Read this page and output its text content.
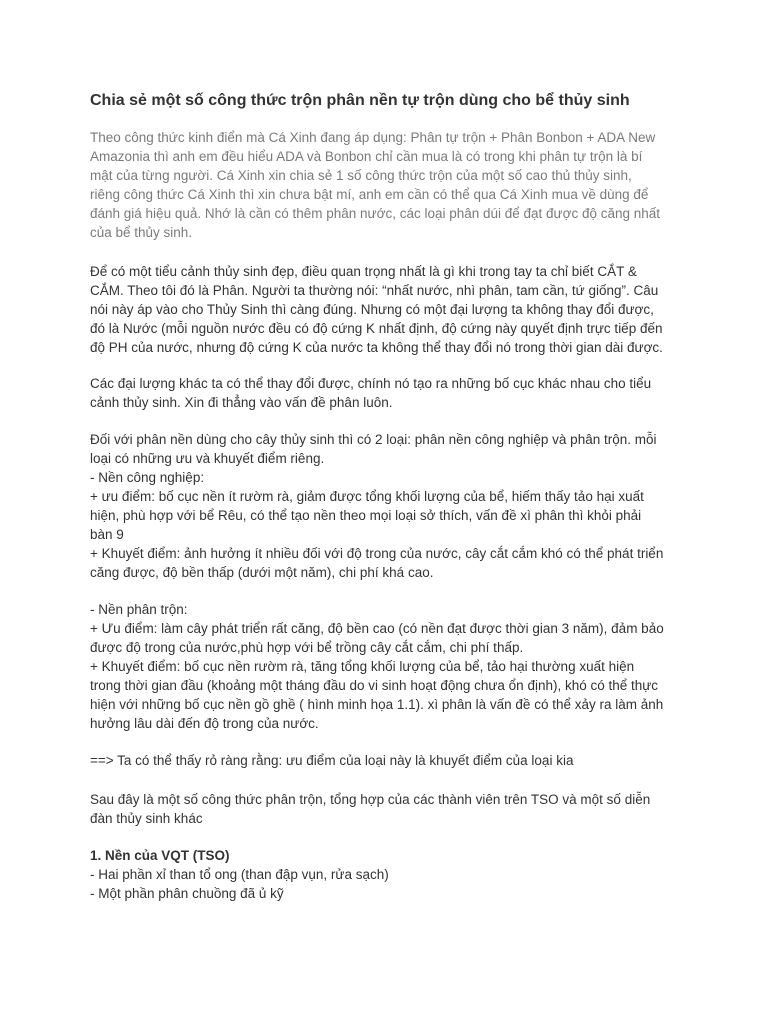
Chia sẻ một số công thức trộn phân nền tự trộn dùng cho bể thủy sinh

Theo công thức kinh điển mà Cá Xinh đang áp dụng: Phân tự trộn + Phân Bonbon + ADA New
Amazonia thì anh em đều hiểu ADA và Bonbon chỉ cần mua là có trong khi phân tự trộn là bí
mật của từng người. Cá Xinh xin chia sẻ 1 số công thức trộn của một số cao thủ thủy sinh,
riêng công thức Cá Xinh thì xin chưa bật mí, anh em cần có thể qua Cá Xinh mua về dùng để
đánh giá hiệu quả. Nhớ là cần có thêm phân nước, các loại phân dúi để đạt được độ căng nhất
của bể thủy sinh.

Để có một tiểu cảnh thủy sinh đẹp, điều quan trọng nhất là gì khi trong tay ta chỉ biết CẮT &
CẮM. Theo tôi đó là Phân. Người ta thường nói: “nhất nước, nhì phân, tam cần, tứ giống”. Câu
nói này áp vào cho Thủy Sinh thì càng đúng. Nhưng có một đại lượng ta không thay đổi được,
đó là Nước (mỗi nguồn nước đều có độ cứng K nhất định, độ cứng này quyết định trực tiếp đến
độ PH của nước, nhưng độ cứng K của nước ta không thể thay đổi nó trong thời gian dài được.

Các đại lượng khác ta có thể thay đổi được, chính nó tạo ra những bố cục khác nhau cho tiểu
cảnh thủy sinh. Xin đi thẳng vào vấn đề phân luôn.

Đối với phân nền dùng cho cây thủy sinh thì có 2 loại: phân nền công nghiệp và phân trộn. mỗi
loại có những ưu và khuyết điểm riêng.
- Nền công nghiệp:
+ ưu điểm: bố cục nền ít rườm rà, giảm được tổng khối lượng của bể, hiếm thấy tảo hại xuất
hiện, phù hợp với bể Rêu, có thể tạo nền theo mọi loại sở thích, vấn đề xì phân thì khỏi phải
bàn 9
+ Khuyết điểm: ảnh hưởng ít nhiều đối với độ trong của nước, cây cắt cắm khó có thể phát triển
căng được, độ bền thấp (dưới một năm), chi phí khá cao.

- Nền phân trộn:
+ Ưu điểm: làm cây phát triển rất căng, độ bền cao (có nền đạt được thời gian 3 năm), đảm bảo
được độ trong của nước,phù hợp với bể trồng cây cắt cắm, chi phí thấp.
+ Khuyết điểm: bố cục nền rườm rà, tăng tổng khối lượng của bể, tảo hại thường xuất hiện
trong thời gian đầu (khoảng một tháng đầu do vi sinh hoạt động chưa ổn định), khó có thể thực
hiện với những bố cục nền gồ ghề ( hình minh họa 1.1). xì phân là vấn đề có thể xảy ra làm ảnh
hưởng lâu dài đến độ trong của nước.

==> Ta có thể thấy rỏ ràng rằng: ưu điểm của loại này là khuyết điểm của loại kia

Sau đây là một số công thức phân trộn, tổng hợp của các thành viên trên TSO và một số diễn
đàn thủy sinh khác

1. Nền của VQT (TSO)
- Hai phần xỉ than tổ ong (than đập vụn, rửa sạch)
- Một phần phân chuồng đã ủ kỹ
